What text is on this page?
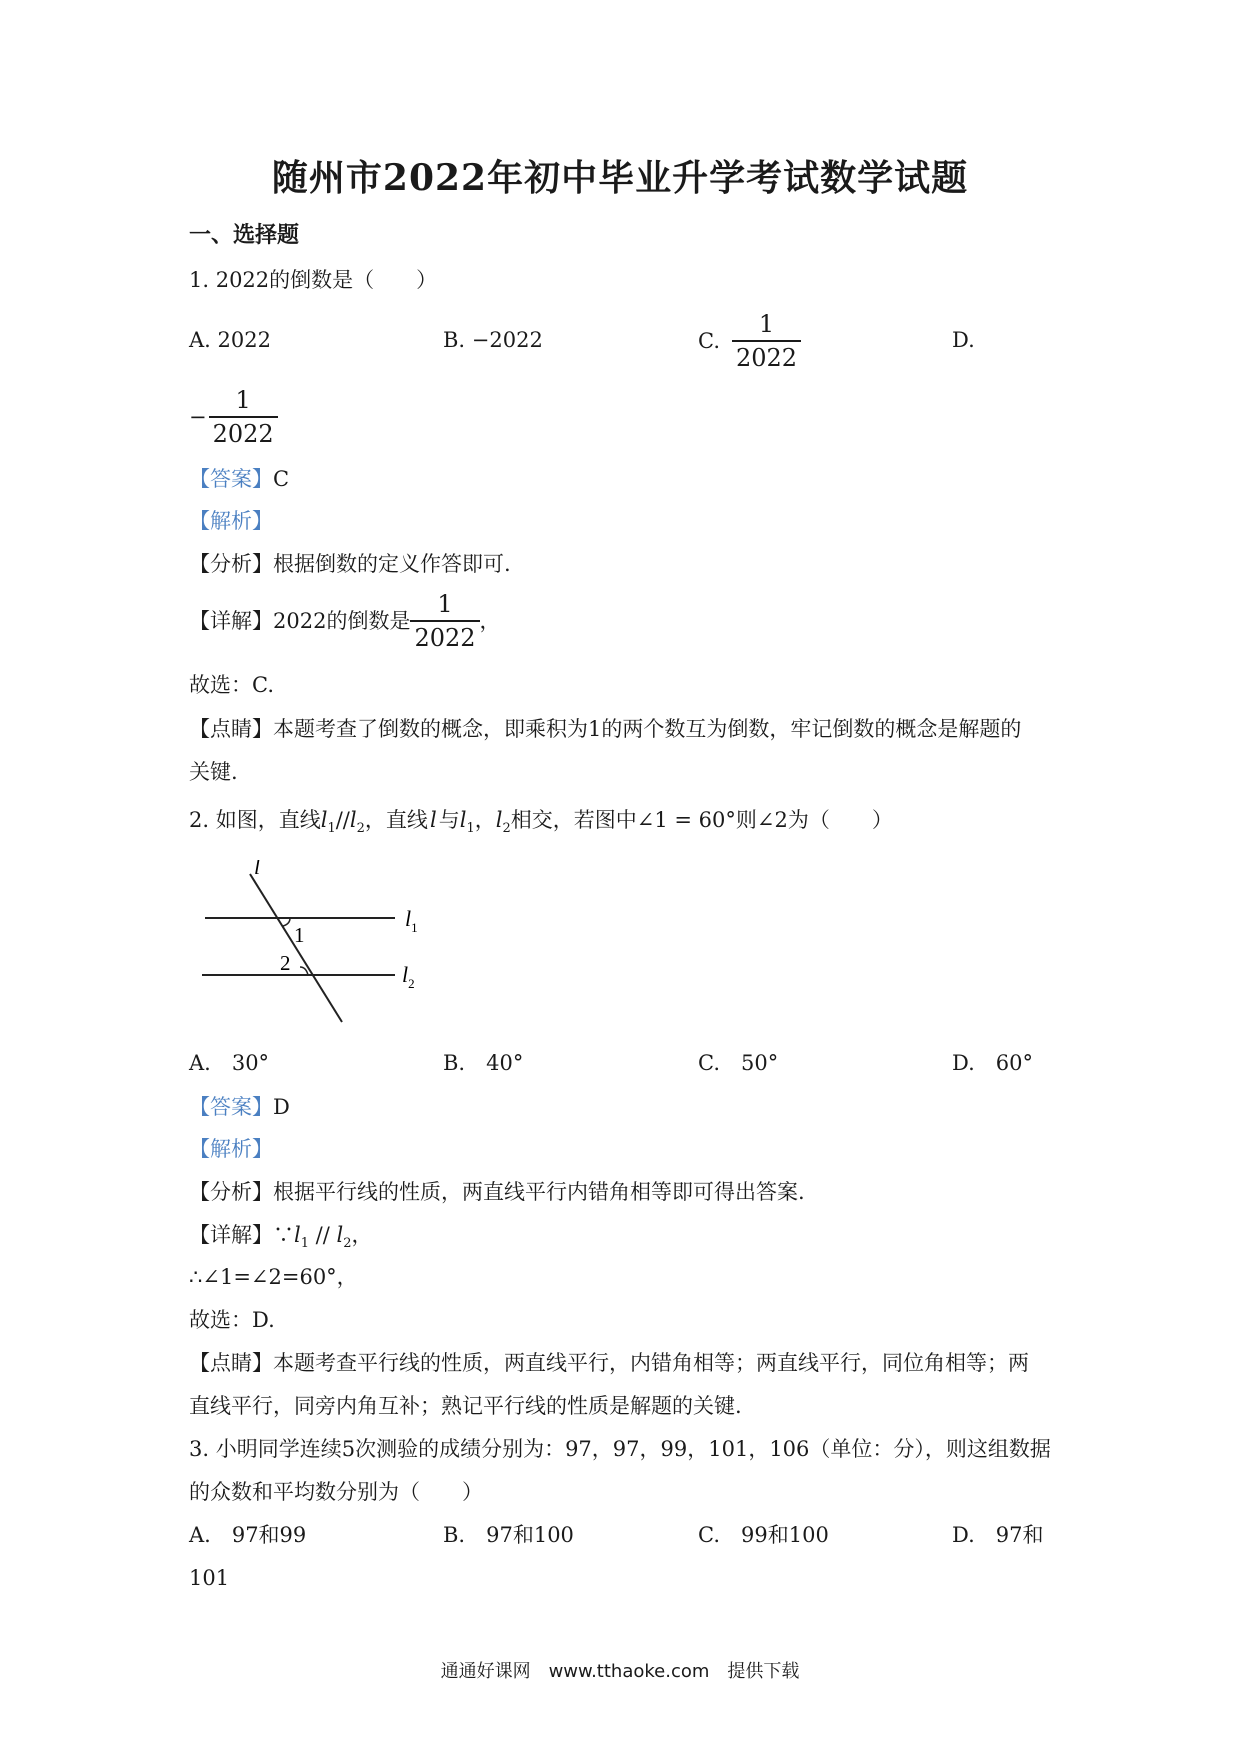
随州市2022年初中毕业升学考试数学试题
一、选择题
1. 2022的倒数是（　　）
A. 2022	B. −2022	C. $\frac{1}{2022}$	D.
− $\frac{1}{2022}$
【答案】C
【解析】
【分析】根据倒数的定义作答即可.
【详解】2022的倒数是 $\frac{1}{2022}$ ，
故选：C.
【点睛】本题考查了倒数的概念，即乘积为1的两个数互为倒数，牢记倒数的概念是解题的
关键.
2. 如图，直线$l_1//l_2$，直线 l 与$l_1$，$l_2$相交，若图中∠1 = 60°则∠2为（　　）
l
1
2
$l_1$
$l_2$
A.　30°	B.　40°	C.　50°	D.　60°
【答案】D
【解析】
【分析】根据平行线的性质，两直线平行内错角相等即可得出答案.
【详解】$\because l_1 // l_2$，
∴∠1=∠2=60°，
故选：D.
【点睛】本题考查平行线的性质，两直线平行，内错角相等；两直线平行，同位角相等；两
直线平行，同旁内角互补；熟记平行线的性质是解题的关键.
3. 小明同学连续5次测验的成绩分别为：97，97，99，101，106（单位：分），则这组数据
的众数和平均数分别为（　　）
A.　97和99	B.　97和100	C.　99和100	D.　97和
101
通通好课网　www.tthaoke.com　提供下载
